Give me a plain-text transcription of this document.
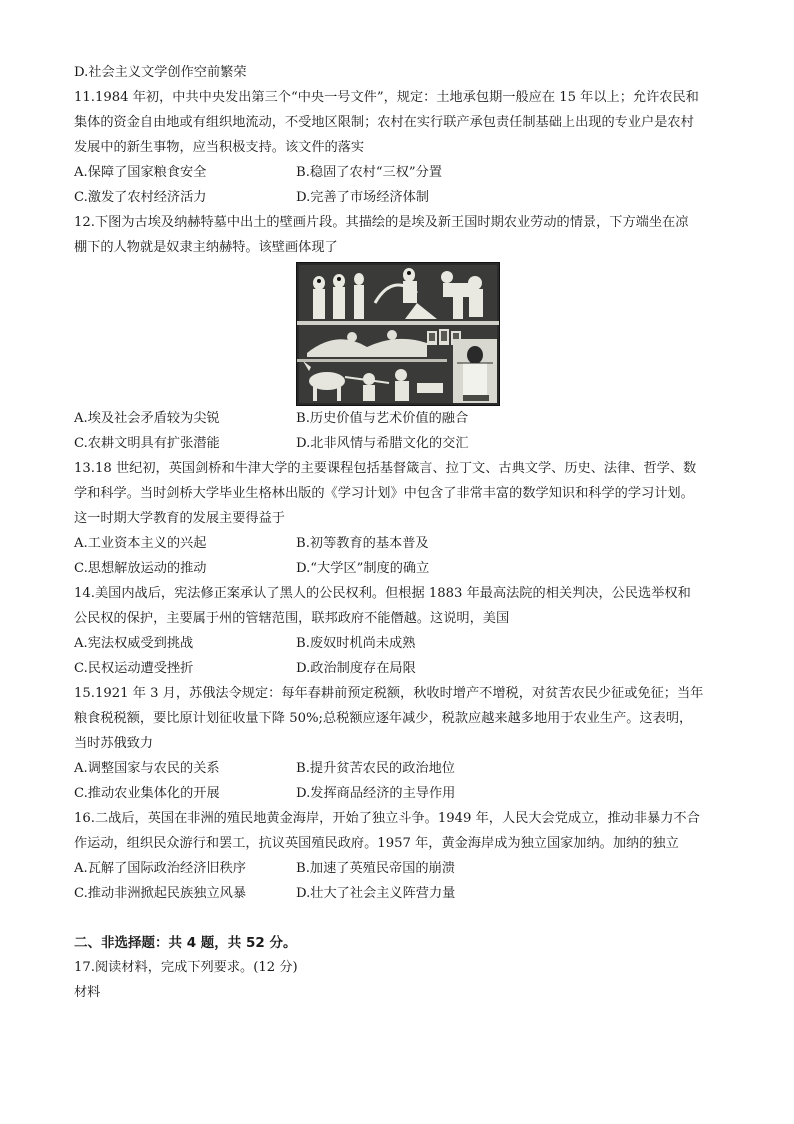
D.社会主义文学创作空前繁荣
11.1984 年初，中共中央发出第三个“中央一号文件”，规定：土地承包期一般应在 15 年以上；允许农民和
集体的资金自由地或有组织地流动，不受地区限制；农村在实行联产承包责任制基础上出现的专业户是农村
发展中的新生事物，应当积极支持。该文件的落实
A.保障了国家粮食安全	B.稳固了农村“三权”分置
C.激发了农村经济活力	D.完善了市场经济体制
12.下图为古埃及纳赫特墓中出土的壁画片段。其描绘的是埃及新王国时期农业劳动的情景，下方端坐在凉
棚下的人物就是奴隶主纳赫特。该壁画体现了
A.埃及社会矛盾较为尖锐	B.历史价值与艺术价值的融合
C.农耕文明具有扩张潜能	D.北非风情与希腊文化的交汇
13.18 世纪初，英国剑桥和牛津大学的主要课程包括基督箴言、拉丁文、古典文学、历史、法律、哲学、数
学和科学。当时剑桥大学毕业生格林出版的《学习计划》中包含了非常丰富的数学知识和科学的学习计划。
这一时期大学教育的发展主要得益于
A.工业资本主义的兴起	B.初等教育的基本普及
C.思想解放运动的推动	D.“大学区”制度的确立
14.美国内战后，宪法修正案承认了黑人的公民权利。但根据 1883 年最高法院的相关判决，公民选举权和
公民权的保护，主要属于州的管辖范围，联邦政府不能僭越。这说明，美国
A.宪法权威受到挑战	B.废奴时机尚未成熟
C.民权运动遭受挫折	D.政治制度存在局限
15.1921 年 3 月，苏俄法令规定：每年春耕前预定税额，秋收时增产不增税，对贫苦农民少征或免征；当年
粮食税税额，要比原计划征收量下降 50%;总税额应逐年减少，税款应越来越多地用于农业生产。这表明，
当时苏俄致力
A.调整国家与农民的关系	B.提升贫苦农民的政治地位
C.推动农业集体化的开展	D.发挥商品经济的主导作用
16.二战后，英国在非洲的殖民地黄金海岸，开始了独立斗争。1949 年，人民大会党成立，推动非暴力不合
作运动，组织民众游行和罢工，抗议英国殖民政府。1957 年，黄金海岸成为独立国家加纳。加纳的独立
A.瓦解了国际政治经济旧秩序	B.加速了英殖民帝国的崩溃
C.推动非洲掀起民族独立风暴	D.壮大了社会主义阵营力量
二、非选择题：共 4 题，共 52 分。
17.阅读材料，完成下列要求。(12 分)
材料
